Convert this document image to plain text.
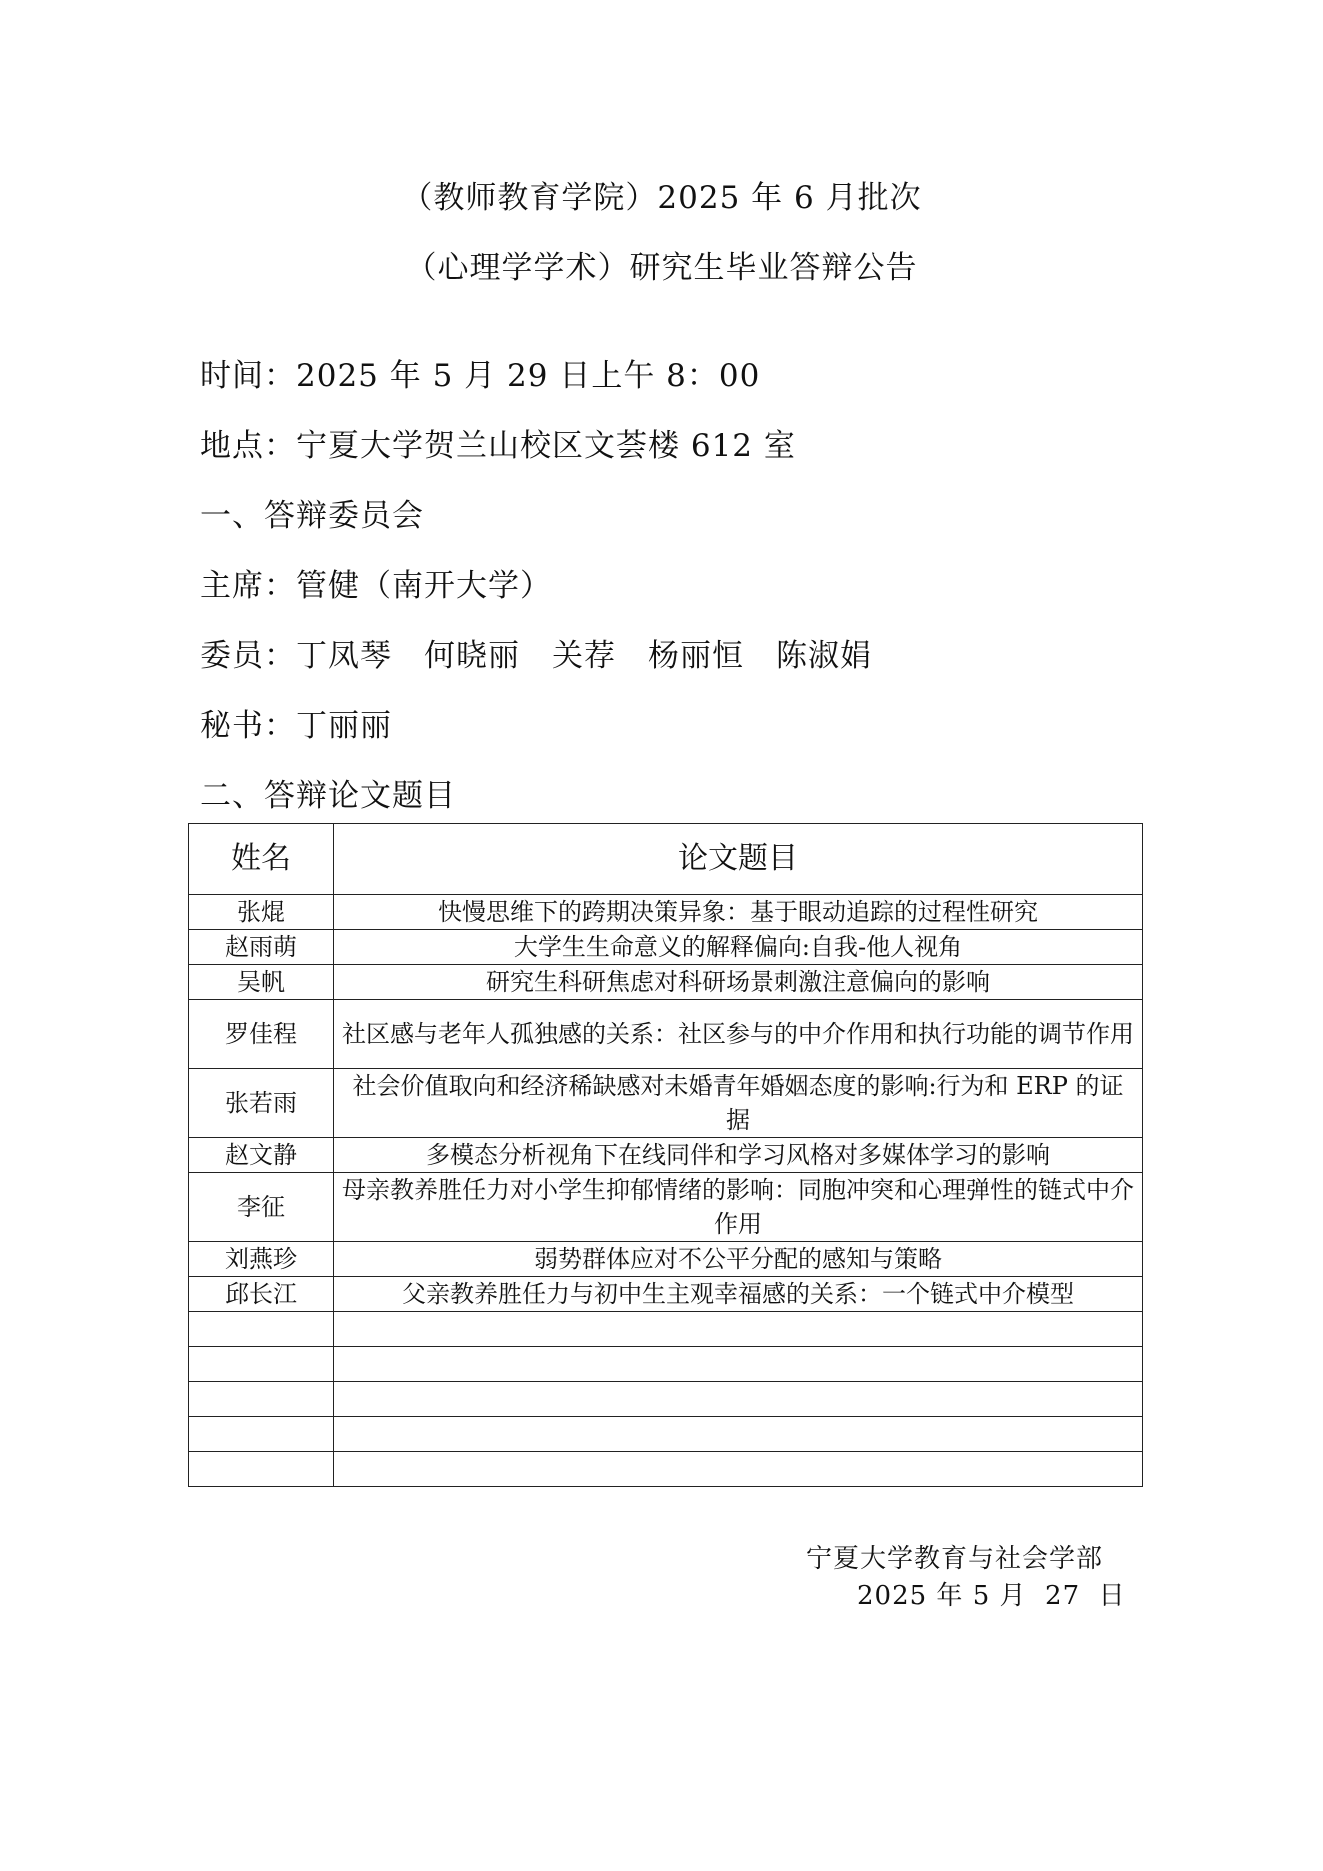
（教师教育学院）2025 年 6 月批次
（心理学学术）研究生毕业答辩公告
时间：2025 年 5 月 29 日上午 8：00
地点：宁夏大学贺兰山校区文荟楼 612 室
一、答辩委员会
主席：管健（南开大学）
委员：丁凤琴　何晓丽　关荐　杨丽恒　陈淑娟
秘书：丁丽丽
二、答辩论文题目
姓名	论文题目
张焜	快慢思维下的跨期决策异象：基于眼动追踪的过程性研究
赵雨萌	大学生生命意义的解释偏向:自我-他人视角
吴帆	研究生科研焦虑对科研场景刺激注意偏向的影响
罗佳程	社区感与老年人孤独感的关系：社区参与的中介作用和执行功能的调节作用
张若雨	社会价值取向和经济稀缺感对未婚青年婚姻态度的影响:行为和 ERP 的证据
赵文静	多模态分析视角下在线同伴和学习风格对多媒体学习的影响
李征	母亲教养胜任力对小学生抑郁情绪的影响：同胞冲突和心理弹性的链式中介作用
刘燕珍	弱势群体应对不公平分配的感知与策略
邱长江	父亲教养胜任力与初中生主观幸福感的关系：一个链式中介模型

宁夏大学教育与社会学部
2025 年 5 月  27  日
